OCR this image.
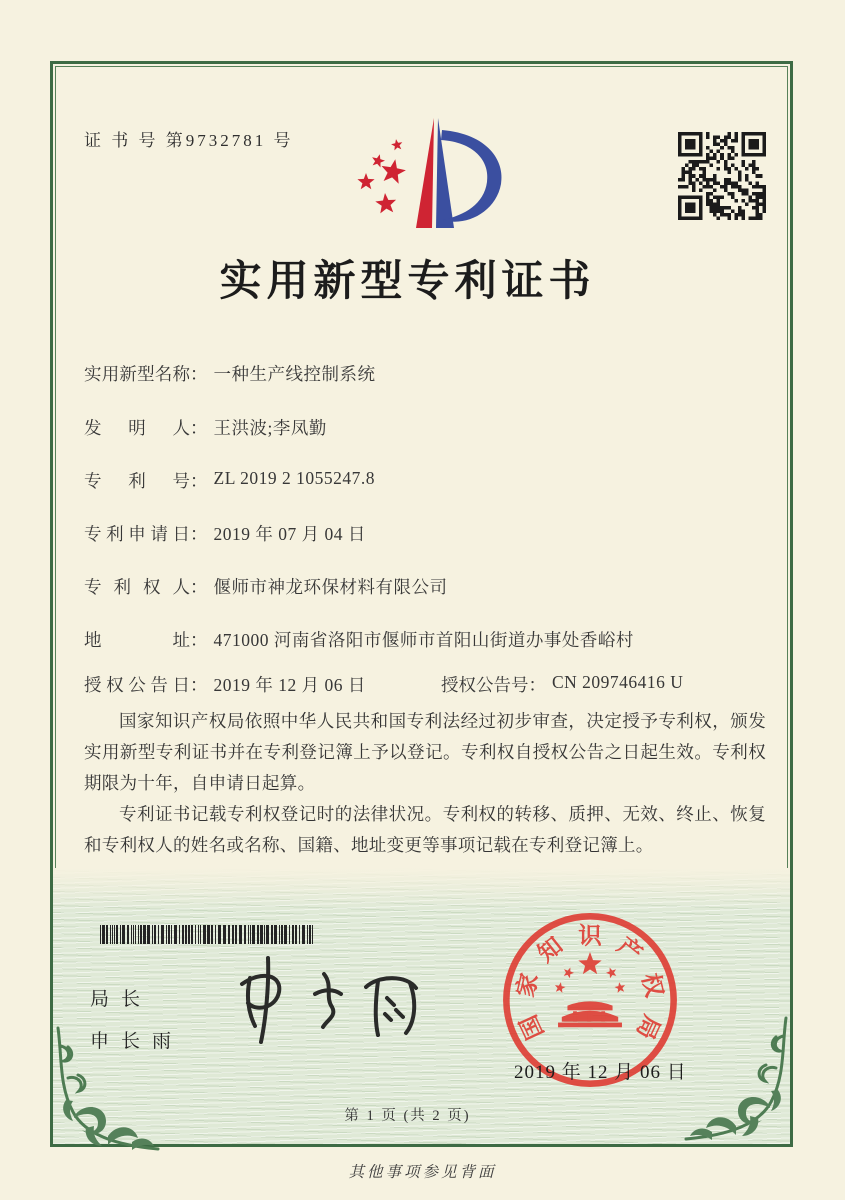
证 书 号 第9732781 号
实用新型专利证书
实用新型名称： 一种生产线控制系统
发明人： 王洪波;李凤勤
专利号： ZL 2019 2 1055247.8
专利申请日： 2019 年 07 月 04 日
专利权人： 偃师市神龙环保材料有限公司
地址： 471000 河南省洛阳市偃师市首阳山街道办事处香峪村
授权公告日： 2019 年 12 月 06 日	授权公告号： CN 209746416 U

国家知识产权局依照中华人民共和国专利法经过初步审查，决定授予专利权，颁发实用新型专利证书并在专利登记簿上予以登记。专利权自授权公告之日起生效。专利权期限为十年，自申请日起算。

专利证书记载专利权登记时的法律状况。专利权的转移、质押、无效、终止、恢复和专利权人的姓名或名称、国籍、地址变更等事项记载在专利登记簿上。

局长
申长雨	国
家
知 识 产
权
局
2019 年 12 月 06 日
第 1 页 (共 2 页)
其他事项参见背面
